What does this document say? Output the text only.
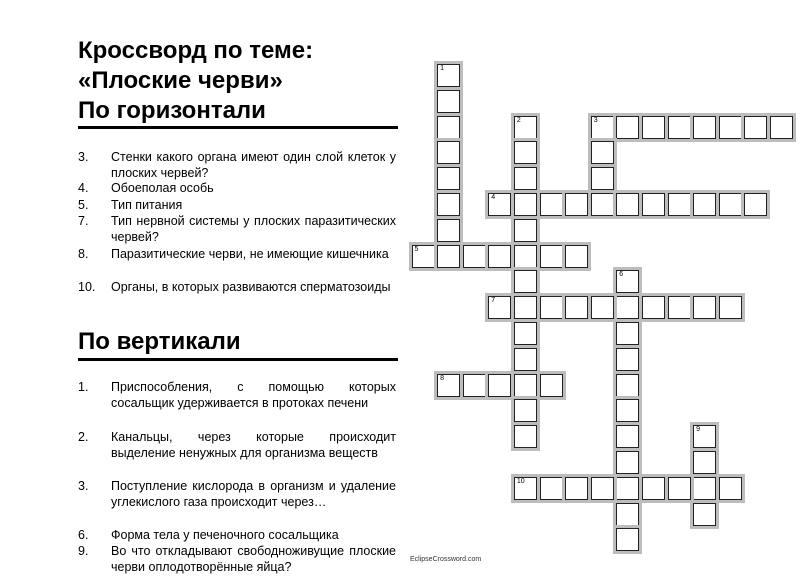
Кроссворд по теме:
«Плоские черви»
По горизонтали
3. Стенки какого органа имеют один слой клеток у плоских червей?
4. Обоеполая особь
5. Тип питания
7. Тип нервной системы у плоских паразитических червей?
8. Паразитические черви, не имеющие кишечника
10. Органы, в которых развиваются сперматозоиды
По вертикали
1. Приспособления, с помощью которых сосальщик удерживается в протоках печени
2. Канальцы, через которые происходит выделение ненужных для организма веществ
3. Поступление кислорода в организм и удаление углекислого газа происходит через…
6. Форма тела у печеночного сосальщика
9. Во что откладывают свободноживущие плоские черви оплодотворённые яйца?
1
2	3
4
5
6
7
8
9
10
EclipseCrossword.com
